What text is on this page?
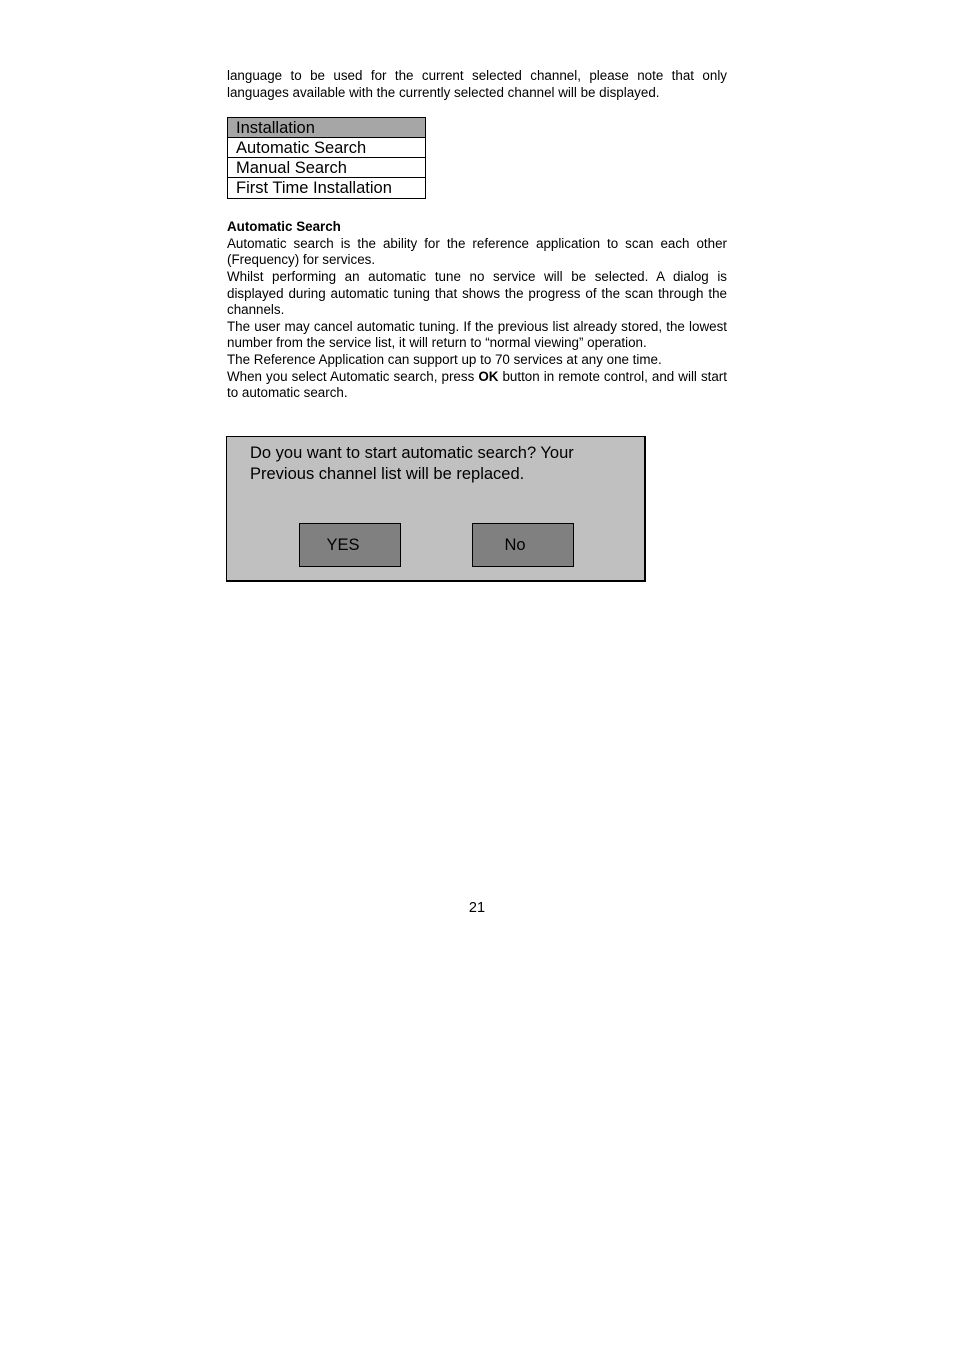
language to be used for the current selected channel, please note that only languages available with the currently selected channel will be displayed.

Installation
Automatic Search
Manual Search
First Time Installation

Automatic Search

Automatic search is the ability for the reference application to scan each other (Frequency) for services.

Whilst performing an automatic tune no service will be selected. A dialog is displayed during automatic tuning that shows the progress of the scan through the channels.

The user may cancel automatic tuning. If the previous list already stored, the lowest number from the service list, it will return to “normal viewing” operation.

The Reference Application can support up to 70 services at any one time.

When you select Automatic search, press OK button in remote control, and will start to automatic search.

Do you want to start automatic search? Your Previous channel list will be replaced.

YES	No
21
